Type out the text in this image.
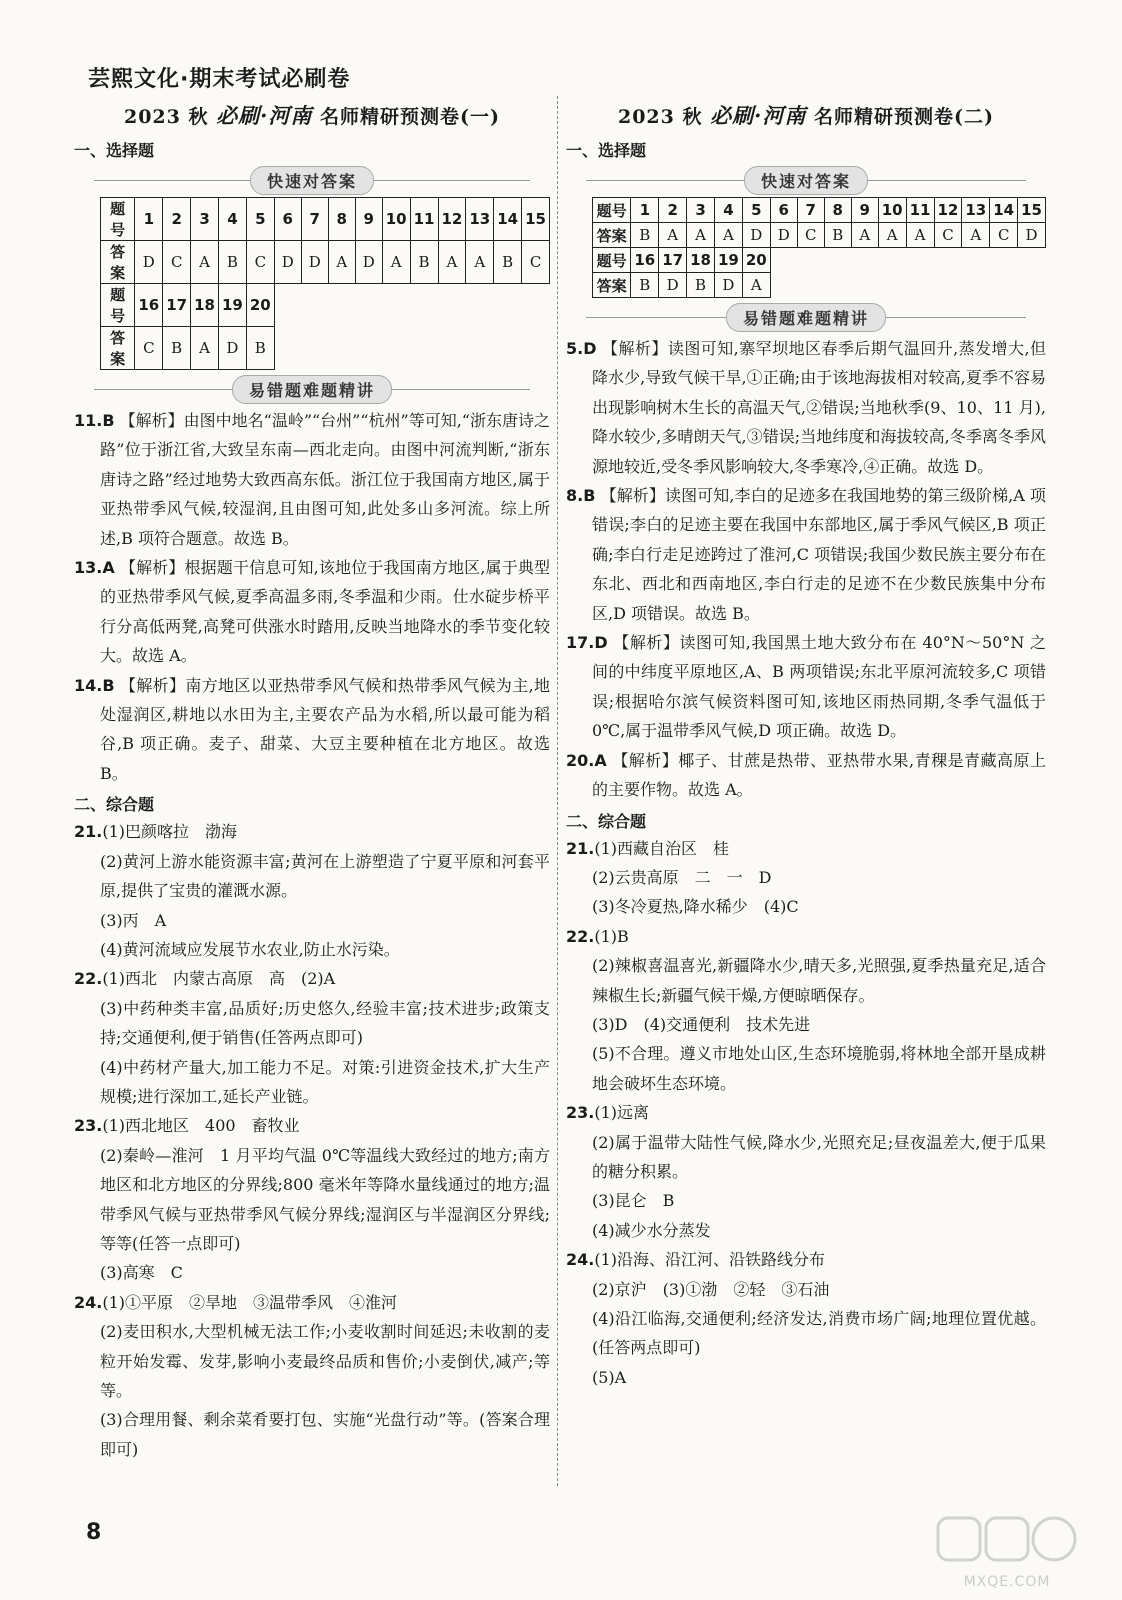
芸熙文化·期末考试必刷卷
2023 秋 必刷·河南 名师精研预测卷(一)
一、选择题
快速对答案
题号	1	2	3	4	5	6	7	8	9	10	11	12	13	14	15
答案	D	C	A	B	C	D	D	A	D	A	B	A	A	B	C
题号	16	17	18	19	20										
答案	C	B	A	D	B										
易错题难题精讲

11.B 【解析】由图中地名“温岭”“台州”“杭州”等可知,“浙东唐诗之路”位于浙江省,大致呈东南—西北走向。由图中河流判断,“浙东唐诗之路”经过地势大致西高东低。浙江位于我国南方地区,属于亚热带季风气候,较湿润,且由图可知,此处多山多河流。综上所述,B 项符合题意。故选 B。

13.A 【解析】根据题干信息可知,该地位于我国南方地区,属于典型的亚热带季风气候,夏季高温多雨,冬季温和少雨。仕水碇步桥平行分高低两凳,高凳可供涨水时踏用,反映当地降水的季节变化较大。故选 A。

14.B 【解析】南方地区以亚热带季风气候和热带季风气候为主,地处湿润区,耕地以水田为主,主要农产品为水稻,所以最可能为稻谷,B 项正确。麦子、甜菜、大豆主要种植在北方地区。故选 B。

二、综合题

21.(1)巴颜喀拉　渤海

(2)黄河上游水能资源丰富;黄河在上游塑造了宁夏平原和河套平原,提供了宝贵的灌溉水源。

(3)丙　A

(4)黄河流域应发展节水农业,防止水污染。

22.(1)西北　内蒙古高原　高　(2)A

(3)中药种类丰富,品质好;历史悠久,经验丰富;技术进步;政策支持;交通便利,便于销售(任答两点即可)

(4)中药材产量大,加工能力不足。对策:引进资金技术,扩大生产规模;进行深加工,延长产业链。

23.(1)西北地区　400　畜牧业

(2)秦岭—淮河　1 月平均气温 0℃等温线大致经过的地方;南方地区和北方地区的分界线;800 毫米年等降水量线通过的地方;温带季风气候与亚热带季风气候分界线;湿润区与半湿润区分界线;等等(任答一点即可)

(3)高寒　C

24.(1)①平原　②旱地　③温带季风　④淮河

(2)麦田积水,大型机械无法工作;小麦收割时间延迟;未收割的麦粒开始发霉、发芽,影响小麦最终品质和售价;小麦倒伏,减产;等等。

(3)合理用餐、剩余菜肴要打包、实施“光盘行动”等。(答案合理即可)

2023 秋 必刷·河南 名师精研预测卷(二)
一、选择题
快速对答案
题号	1	2	3	4	5	6	7	8	9	10	11	12	13	14	15
答案	B	A	A	A	D	D	C	B	A	A	A	C	A	C	D
题号	16	17	18	19	20										
答案	B	D	B	D	A										
易错题难题精讲

5.D 【解析】读图可知,寨罕坝地区春季后期气温回升,蒸发增大,但降水少,导致气候干旱,①正确;由于该地海拔相对较高,夏季不容易出现影响树木生长的高温天气,②错误;当地秋季(9、10、11 月),降水较少,多晴朗天气,③错误;当地纬度和海拔较高,冬季离冬季风源地较近,受冬季风影响较大,冬季寒冷,④正确。故选 D。

8.B 【解析】读图可知,李白的足迹多在我国地势的第三级阶梯,A 项错误;李白的足迹主要在我国中东部地区,属于季风气候区,B 项正确;李白行走足迹跨过了淮河,C 项错误;我国少数民族主要分布在东北、西北和西南地区,李白行走的足迹不在少数民族集中分布区,D 项错误。故选 B。

17.D 【解析】读图可知,我国黑土地大致分布在 40°N～50°N 之间的中纬度平原地区,A、B 两项错误;东北平原河流较多,C 项错误;根据哈尔滨气候资料图可知,该地区雨热同期,冬季气温低于 0℃,属于温带季风气候,D 项正确。故选 D。

20.A 【解析】椰子、甘蔗是热带、亚热带水果,青稞是青藏高原上的主要作物。故选 A。

二、综合题

21.(1)西藏自治区　桂

(2)云贵高原　二　一　D

(3)冬冷夏热,降水稀少　(4)C

22.(1)B

(2)辣椒喜温喜光,新疆降水少,晴天多,光照强,夏季热量充足,适合辣椒生长;新疆气候干燥,方便晾晒保存。

(3)D　(4)交通便利　技术先进

(5)不合理。遵义市地处山区,生态环境脆弱,将林地全部开垦成耕地会破坏生态环境。

23.(1)远离

(2)属于温带大陆性气候,降水少,光照充足;昼夜温差大,便于瓜果的糖分积累。

(3)昆仑　B

(4)减少水分蒸发

24.(1)沿海、沿江河、沿铁路线分布

(2)京沪　(3)①渤　②轻　③石油

(4)沿江临海,交通便利;经济发达,消费市场广阔;地理位置优越。(任答两点即可)

(5)A

8
MXQE.COM
